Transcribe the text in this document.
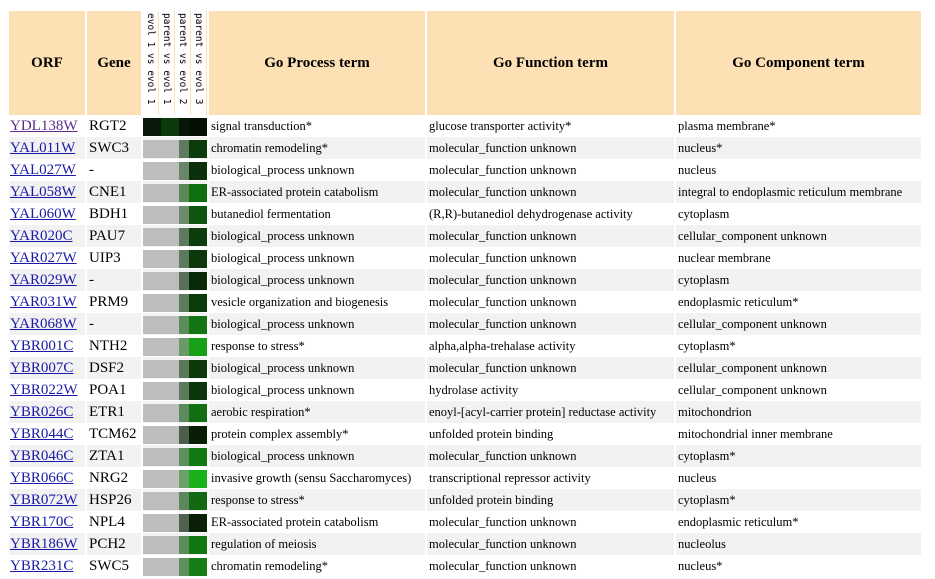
ORF	Gene	evol 1 vs evol 1 parent vs evol 1 parent vs evol 2 parent vs evol 3	Go Process term	Go Function term	Go Component term
YDL138W	RGT2		signal transduction*	glucose transporter activity*	plasma membrane*
YAL011W	SWC3		chromatin remodeling*	molecular_function unknown	nucleus*
YAL027W	-		biological_process unknown	molecular_function unknown	nucleus
YAL058W	CNE1		ER-associated protein catabolism	molecular_function unknown	integral to endoplasmic reticulum membrane
YAL060W	BDH1		butanediol fermentation	(R,R)-butanediol dehydrogenase activity	cytoplasm
YAR020C	PAU7		biological_process unknown	molecular_function unknown	cellular_component unknown
YAR027W	UIP3		biological_process unknown	molecular_function unknown	nuclear membrane
YAR029W	-		biological_process unknown	molecular_function unknown	cytoplasm
YAR031W	PRM9		vesicle organization and biogenesis	molecular_function unknown	endoplasmic reticulum*
YAR068W	-		biological_process unknown	molecular_function unknown	cellular_component unknown
YBR001C	NTH2		response to stress*	alpha,alpha-trehalase activity	cytoplasm*
YBR007C	DSF2		biological_process unknown	molecular_function unknown	cellular_component unknown
YBR022W	POA1		biological_process unknown	hydrolase activity	cellular_component unknown
YBR026C	ETR1		aerobic respiration*	enoyl-[acyl-carrier protein] reductase activity	mitochondrion
YBR044C	TCM62		protein complex assembly*	unfolded protein binding	mitochondrial inner membrane
YBR046C	ZTA1		biological_process unknown	molecular_function unknown	cytoplasm*
YBR066C	NRG2		invasive growth (sensu Saccharomyces)	transcriptional repressor activity	nucleus
YBR072W	HSP26		response to stress*	unfolded protein binding	cytoplasm*
YBR170C	NPL4		ER-associated protein catabolism	molecular_function unknown	endoplasmic reticulum*
YBR186W	PCH2		regulation of meiosis	molecular_function unknown	nucleolus
YBR231C	SWC5		chromatin remodeling*	molecular_function unknown	nucleus*
